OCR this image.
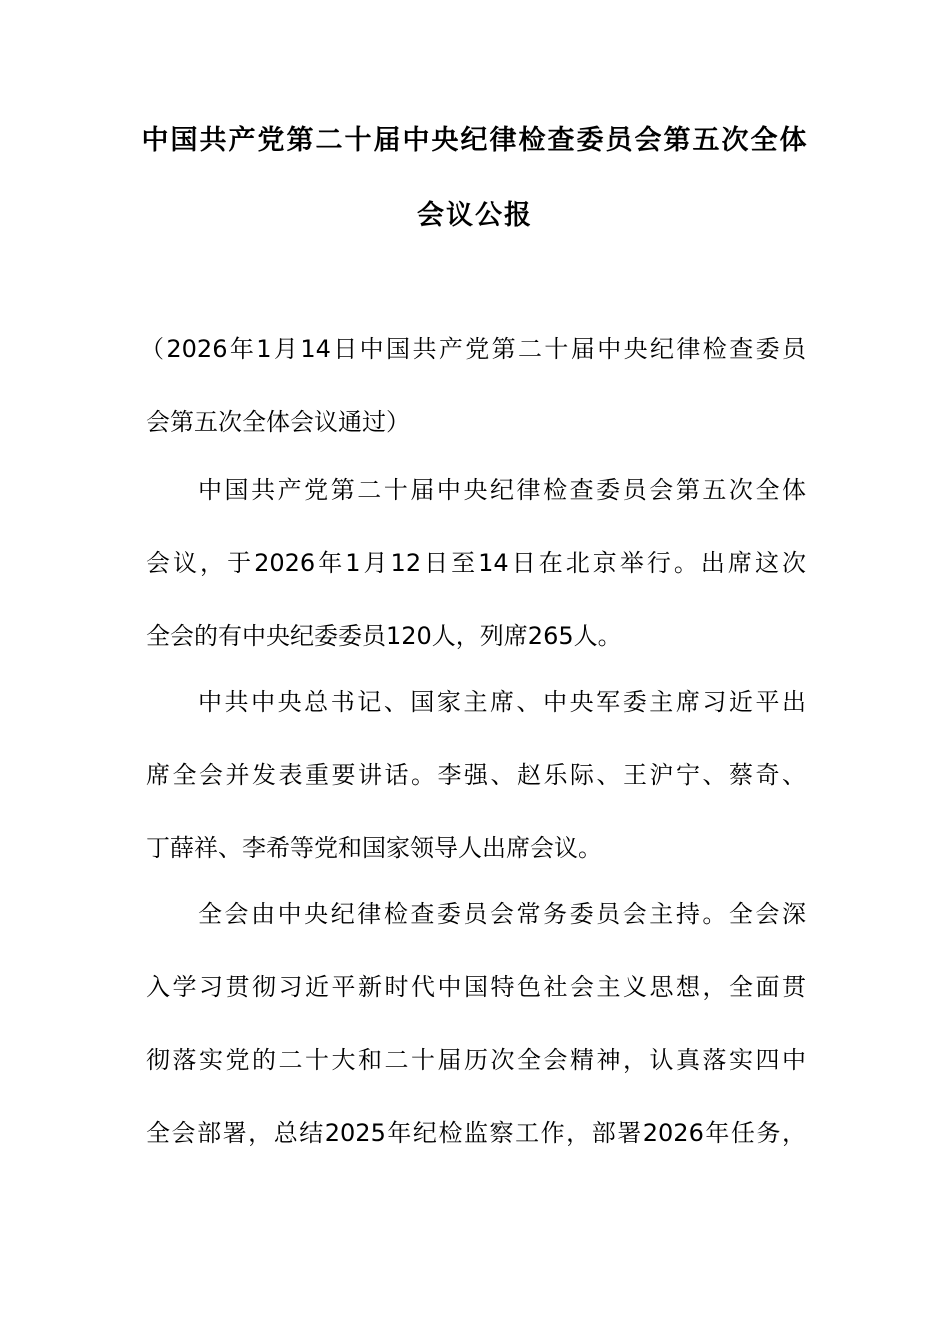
中国共产党第二十届中央纪律检查委员会第五次全体
会议公报
（2026年1月14日中国共产党第二十届中央纪律检查委员
会第五次全体会议通过）
中国共产党第二十届中央纪律检查委员会第五次全体
会议，于2026年1月12日至14日在北京举行。出席这次
全会的有中央纪委委员120人，列席265人。
中共中央总书记、国家主席、中央军委主席习近平出
席全会并发表重要讲话。李强、赵乐际、王沪宁、蔡奇、
丁薛祥、李希等党和国家领导人出席会议。
全会由中央纪律检查委员会常务委员会主持。全会深
入学习贯彻习近平新时代中国特色社会主义思想，全面贯
彻落实党的二十大和二十届历次全会精神，认真落实四中
全会部署，总结2025年纪检监察工作，部署2026年任务，
